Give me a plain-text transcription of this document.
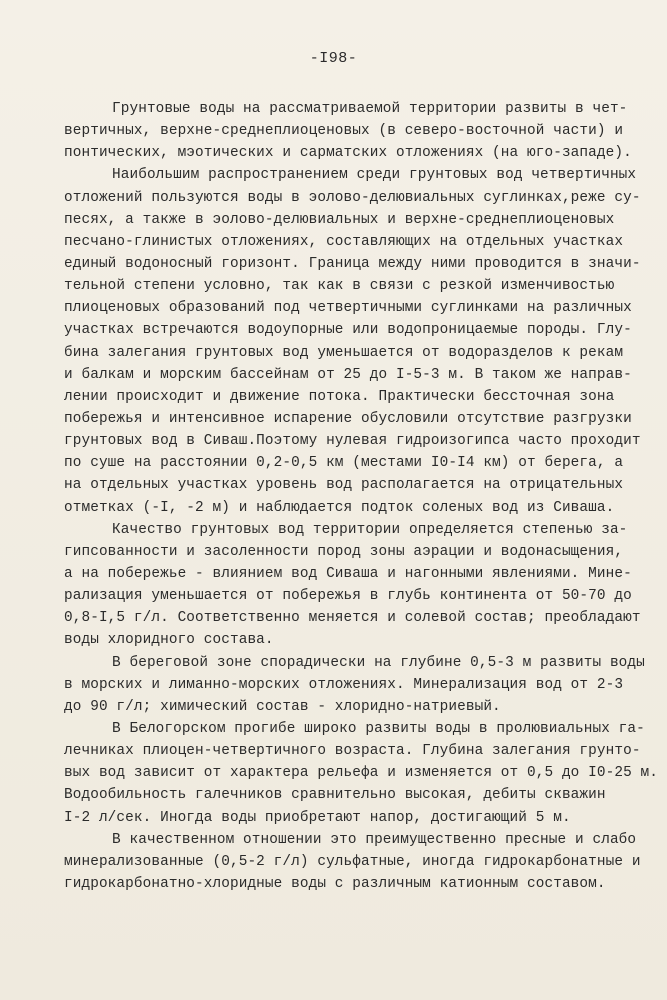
-I98-
Грунтовые воды на рассматриваемой территории развиты в чет-
вертичных, верхне-среднеплиоценовых (в северо-восточной части) и
понтических, мэотических и сарматских отложениях (на юго-западе).
Наибольшим распространением среди грунтовых вод четвертичных
отложений пользуются воды в эолово-делювиальных суглинках,реже су-
песях, а также в эолово-делювиальных и верхне-среднеплиоценовых
песчано-глинистых отложениях, составляющих на отдельных участках
единый водоносный горизонт. Граница между ними проводится в значи-
тельной степени условно, так как в связи с резкой изменчивостью
плиоценовых образований под четвертичными суглинками на различных
участках встречаются водоупорные или водопроницаемые породы. Глу-
бина залегания грунтовых вод уменьшается от водоразделов к рекам
и балкам и морским бассейнам от 25 до I-5-3 м. В таком же направ-
лении происходит и движение потока. Практически бессточная зона
побережья и интенсивное испарение обусловили отсутствие разгрузки
грунтовых вод в Сиваш.Поэтому нулевая гидроизогипса часто проходит
по суше на расстоянии 0,2-0,5 км (местами I0-I4 км) от берега, а
на отдельных участках уровень вод располагается на отрицательных
отметках (-I, -2 м) и наблюдается подток соленых вод из Сиваша.
Качество грунтовых вод территории определяется степенью за-
гипсованности и засоленности пород зоны аэрации и водонасыщения,
а на побережье - влиянием вод Сиваша и нагонными явлениями. Мине-
рализация уменьшается от побережья в глубь континента от 50-70 до
0,8-I,5 г/л. Соответственно меняется и солевой состав; преобладают
воды хлоридного состава.
В береговой зоне спорадически на глубине 0,5-3 м развиты воды
в морских и лиманно-морских отложениях. Минерализация вод от 2-3
до 90 г/л; химический состав - хлоридно-натриевый.
В Белогорском прогибе широко развиты воды в пролювиальных га-
лечниках плиоцен-четвертичного возраста. Глубина залегания грунто-
вых вод зависит от характера рельефа и изменяется от 0,5 до I0-25 м.
Водообильность галечников сравнительно высокая, дебиты скважин
I-2 л/сек. Иногда воды приобретают напор, достигающий 5 м.
В качественном отношении это преимущественно пресные и слабо
минерализованные (0,5-2 г/л) сульфатные, иногда гидрокарбонатные и
гидрокарбонатно-хлоридные воды с различным катионным составом.
